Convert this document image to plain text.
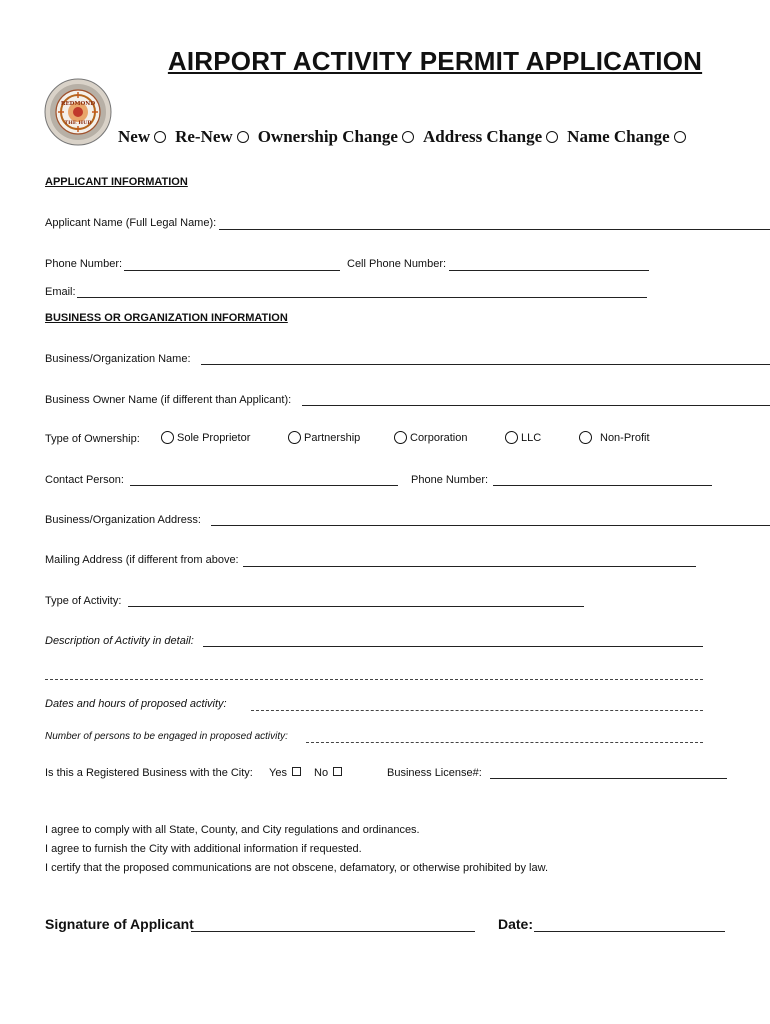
AIRPORT ACTIVITY PERMIT APPLICATION
REDMOND
THE HUB
New Re-New Ownership Change Address Change Name Change
APPLICANT INFORMATION
Applicant Name (Full Legal Name):
Phone Number:	Cell Phone Number:
Email:
BUSINESS OR ORGANIZATION INFORMATION
Business/Organization Name:
Business Owner Name (if different than Applicant):
Type of Ownership:	Sole Proprietor	Partnership	Corporation	LLC	Non-Profit
Contact Person:	Phone Number:
Business/Organization Address:
Mailing Address (if different from above:
Type of Activity:
Description of Activity in detail:
Dates and hours of proposed activity:
Number of persons to be engaged in proposed activity:
Is this a Registered Business with the City: Yes	No	Business License#:
I agree to comply with all State, County, and City regulations and ordinances.
I agree to furnish the City with additional information if requested.
I certify that the proposed communications are not obscene, defamatory, or otherwise prohibited by law.
Signature of Applicant	Date:
